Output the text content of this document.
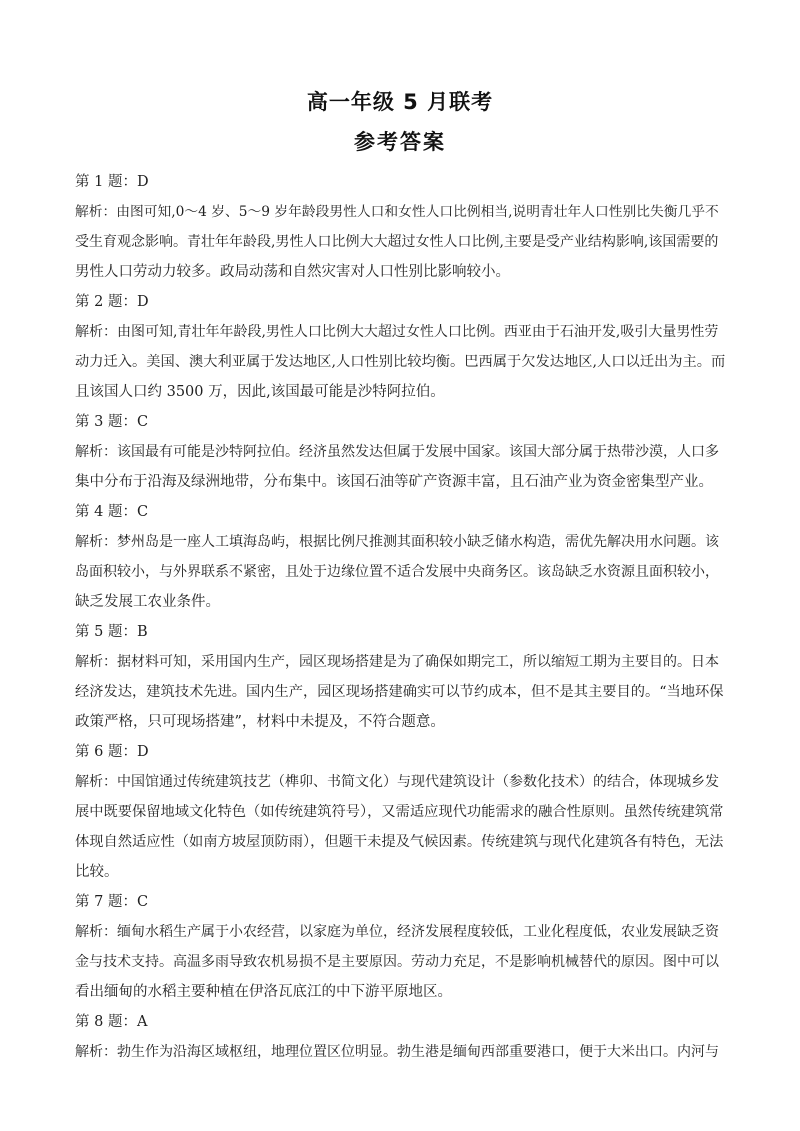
高一年级 5 月联考
参考答案
第 1 题：D
解析：由图可知,0～4 岁、5～9 岁年龄段男性人口和女性人口比例相当,说明青壮年人口性别比失衡几乎不
受生育观念影响。青壮年年龄段,男性人口比例大大超过女性人口比例,主要是受产业结构影响,该国需要的
男性人口劳动力较多。政局动荡和自然灾害对人口性别比影响较小。
第 2 题：D
解析：由图可知,青壮年年龄段,男性人口比例大大超过女性人口比例。西亚由于石油开发,吸引大量男性劳
动力迁入。美国、澳大利亚属于发达地区,人口性别比较均衡。巴西属于欠发达地区,人口以迁出为主。而
且该国人口约 3500 万，因此,该国最可能是沙特阿拉伯。
第 3 题：C
解析：该国最有可能是沙特阿拉伯。经济虽然发达但属于发展中国家。该国大部分属于热带沙漠，人口多
集中分布于沿海及绿洲地带，分布集中。该国石油等矿产资源丰富，且石油产业为资金密集型产业。
第 4 题：C
解析：梦州岛是一座人工填海岛屿，根据比例尺推测其面积较小缺乏储水构造，需优先解决用水问题。该
岛面积较小，与外界联系不紧密，且处于边缘位置不适合发展中央商务区。该岛缺乏水资源且面积较小，
缺乏发展工农业条件。
第 5 题：B
解析：据材料可知，采用国内生产，园区现场搭建是为了确保如期完工，所以缩短工期为主要目的。日本
经济发达，建筑技术先进。国内生产，园区现场搭建确实可以节约成本，但不是其主要目的。“当地环保
政策严格，只可现场搭建”，材料中未提及，不符合题意。
第 6 题：D
解析：中国馆通过传统建筑技艺（榫卯、书简文化）与现代建筑设计（参数化技术）的结合，体现城乡发
展中既要保留地域文化特色（如传统建筑符号），又需适应现代功能需求的融合性原则。虽然传统建筑常
体现自然适应性（如南方坡屋顶防雨），但题干未提及气候因素。传统建筑与现代化建筑各有特色，无法
比较。
第 7 题：C
解析：缅甸水稻生产属于小农经营，以家庭为单位，经济发展程度较低，工业化程度低，农业发展缺乏资
金与技术支持。高温多雨导致农机易损不是主要原因。劳动力充足，不是影响机械替代的原因。图中可以
看出缅甸的水稻主要种植在伊洛瓦底江的中下游平原地区。
第 8 题：A
解析：勃生作为沿海区域枢纽，地理位置区位明显。勃生港是缅甸西部重要港口，便于大米出口。内河与
